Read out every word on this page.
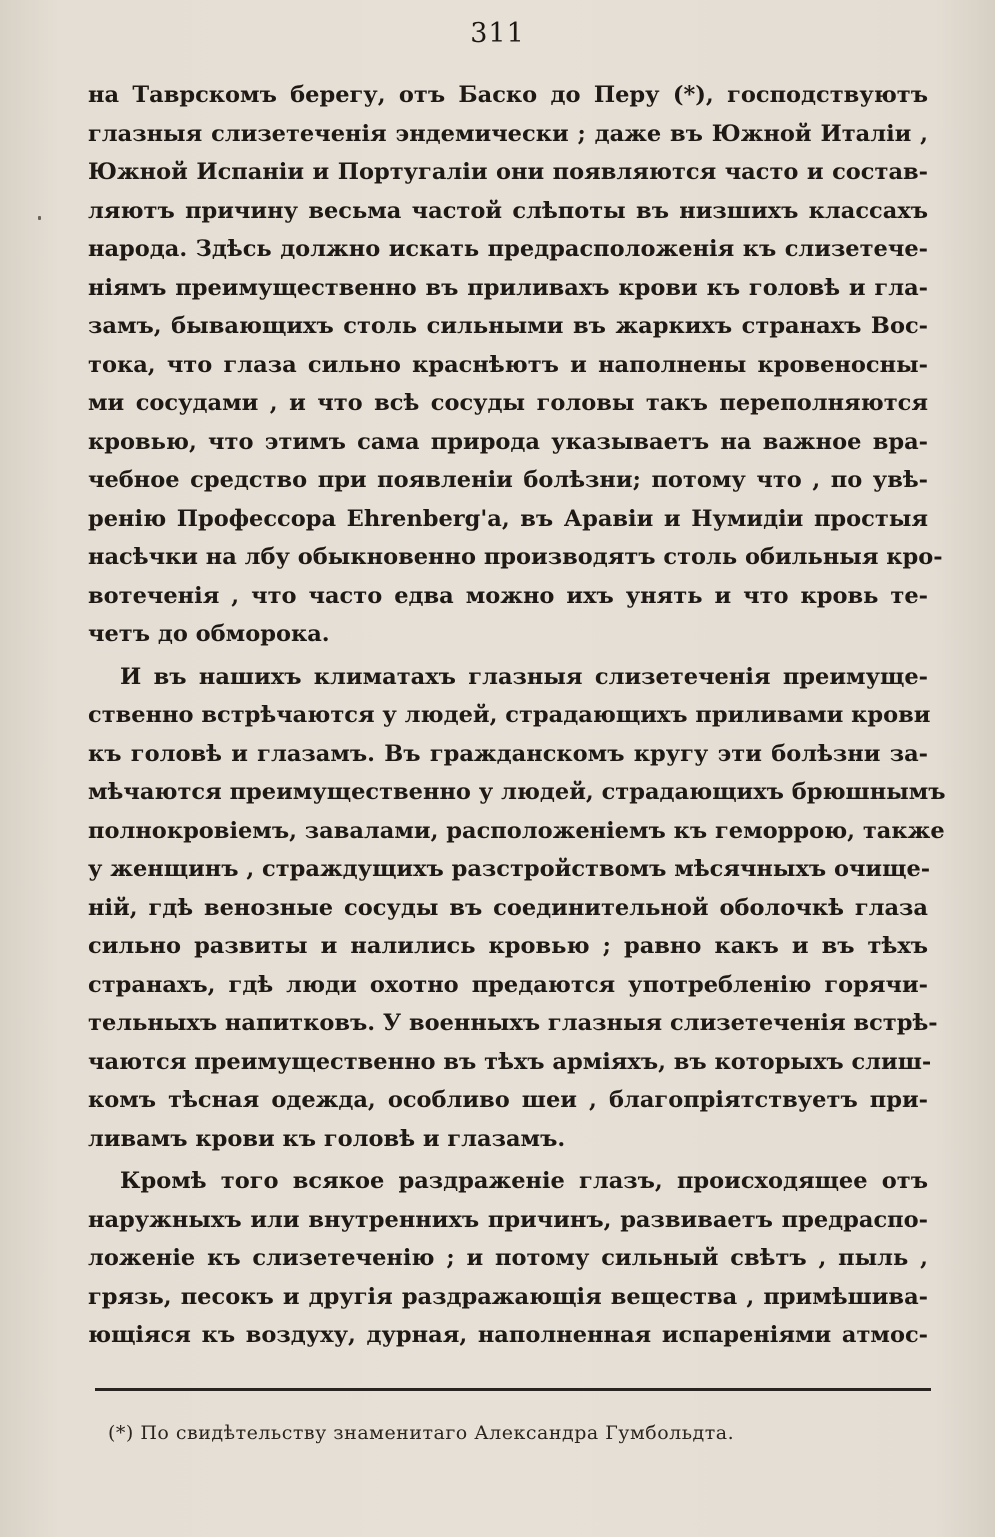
311
на Таврскомъ берегу, отъ Баско до Перу (*), господствуютъ
глазныя слизетеченія эндемически ; даже въ Южной Италіи ,
Южной Испаніи и Португаліи они появляются часто и состав-
ляютъ причину весьма частой слѣпоты въ низшихъ классахъ
народа. Здѣсь должно искать предрасположенія къ слизетече-
ніямъ преимущественно въ приливахъ крови къ головѣ и гла-
замъ, бывающихъ столь сильными въ жаркихъ странахъ Вос-
тока, что глаза сильно краснѣютъ и наполнены кровеносны-
ми сосудами , и что всѣ сосуды головы такъ переполняются
кровью, что этимъ сама природа указываетъ на важное вра-
чебное средство при появленіи болѣзни; потому что , по увѣ-
ренію Профессора Ehrenberg'а, въ Аравіи и Нумидіи простыя
насѣчки на лбу обыкновенно производятъ столь обильныя кро-
вотеченія , что часто едва можно ихъ унять и что кровь те-
четъ до обморока.
И въ нашихъ климатахъ глазныя слизетеченія преимуще-
ственно встрѣчаются у людей, страдающихъ приливами крови
къ головѣ и глазамъ. Въ гражданскомъ кругу эти болѣзни за-
мѣчаются преимущественно у людей, страдающихъ брюшнымъ
полнокровіемъ, завалами, расположеніемъ къ геморрою, также
у женщинъ , страждущихъ разстройствомъ мѣсячныхъ очище-
ній, гдѣ венозные сосуды въ соединительной оболочкѣ глаза
сильно развиты и налились кровью ; равно какъ и въ тѣхъ
странахъ, гдѣ люди охотно предаются употребленію горячи-
тельныхъ напитковъ. У военныхъ глазныя слизетеченія встрѣ-
чаются преимущественно въ тѣхъ арміяхъ, въ которыхъ слиш-
комъ тѣсная одежда, особливо шеи , благопріятствуетъ при-
ливамъ крови къ головѣ и глазамъ.
Кромѣ того всякое раздраженіе глазъ, происходящее отъ
наружныхъ или внутреннихъ причинъ, развиваетъ предраспо-
ложеніе къ слизетеченію ; и потому сильный свѣтъ , пыль ,
грязь, песокъ и другія раздражающія вещества , примѣшива-
ющіяся къ воздуху, дурная, наполненная испареніями атмос-
(*) По свидѣтельству знаменитаго Александра Гумбольдта.
